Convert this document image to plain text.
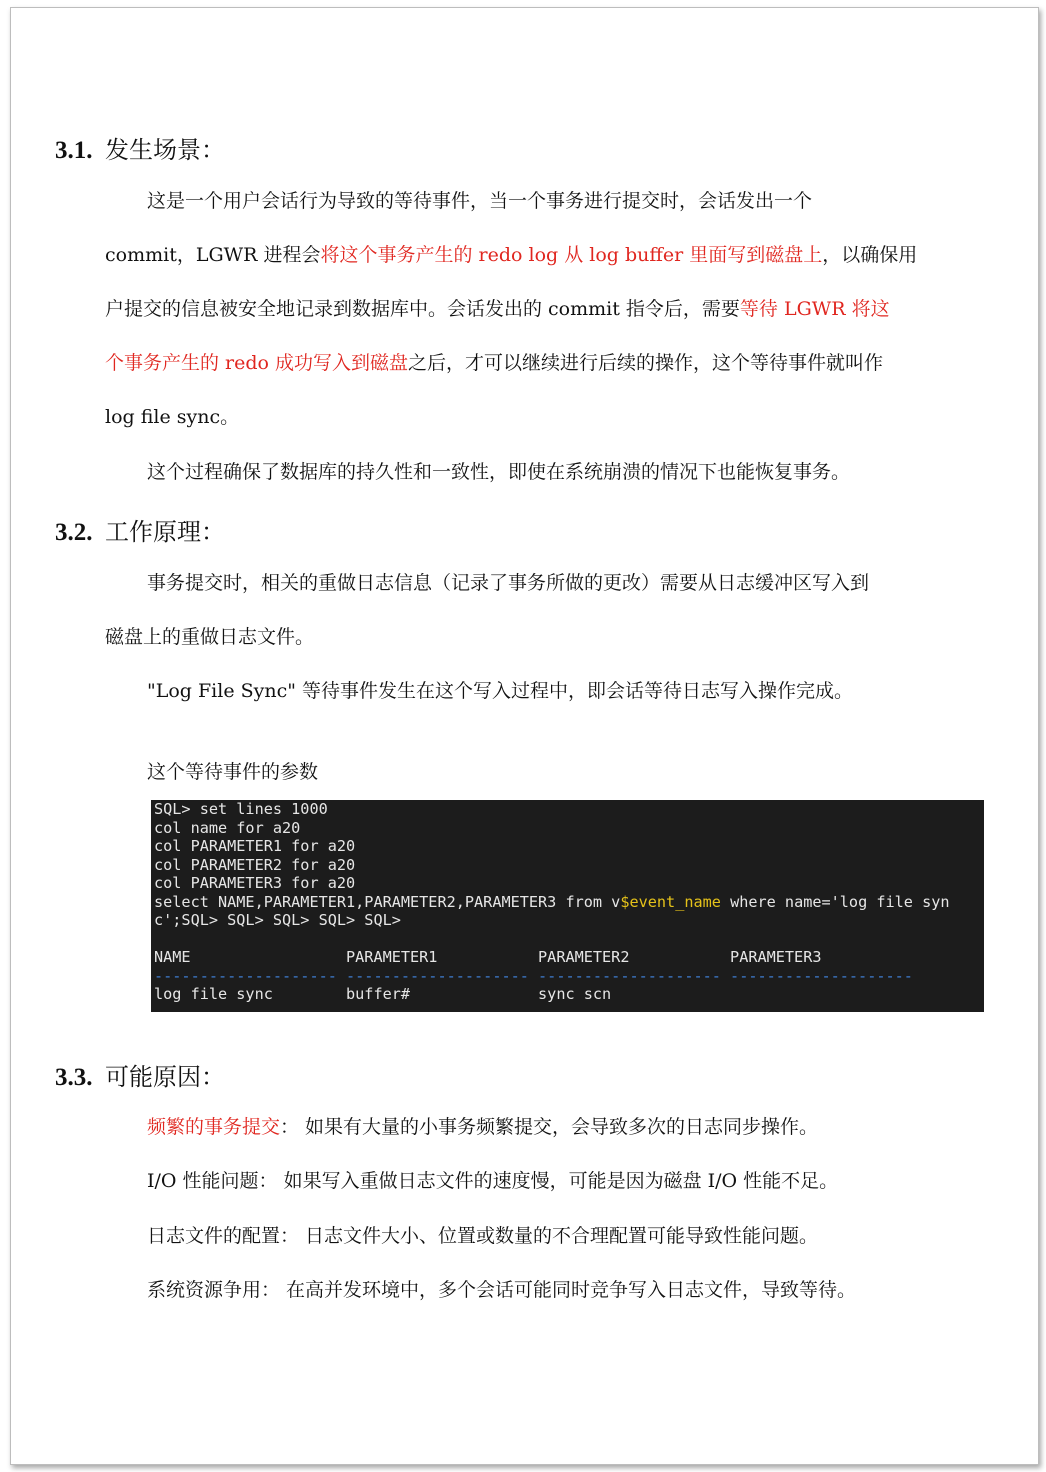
3.1. 发生场景：
这是一个用户会话行为导致的等待事件，当一个事务进行提交时，会话发出一个
commit，LGWR 进程会将这个事务产生的 redo log 从 log buffer 里面写到磁盘上，以确保用
户提交的信息被安全地记录到数据库中。会话发出的 commit 指令后，需要等待 LGWR 将这
个事务产生的 redo 成功写入到磁盘之后，才可以继续进行后续的操作，这个等待事件就叫作
log file sync。
这个过程确保了数据库的持久性和一致性，即使在系统崩溃的情况下也能恢复事务。
3.2. 工作原理：
事务提交时，相关的重做日志信息（记录了事务所做的更改）需要从日志缓冲区写入到
磁盘上的重做日志文件。
"Log File Sync" 等待事件发生在这个写入过程中，即会话等待日志写入操作完成。
这个等待事件的参数
SQL> set lines 1000
col name for a20
col PARAMETER1 for a20
col PARAMETER2 for a20
col PARAMETER3 for a20
select NAME,PARAMETER1,PARAMETER2,PARAMETER3 from v$event_name where name='log file syn
c';SQL> SQL> SQL> SQL> SQL>
NAME                 PARAMETER1           PARAMETER2           PARAMETER3
-------------------- -------------------- -------------------- --------------------
log file sync        buffer#              sync scn
3.3. 可能原因：
频繁的事务提交： 如果有大量的小事务频繁提交，会导致多次的日志同步操作。
I/O 性能问题： 如果写入重做日志文件的速度慢，可能是因为磁盘 I/O 性能不足。
日志文件的配置： 日志文件大小、位置或数量的不合理配置可能导致性能问题。
系统资源争用： 在高并发环境中，多个会话可能同时竞争写入日志文件，导致等待。
